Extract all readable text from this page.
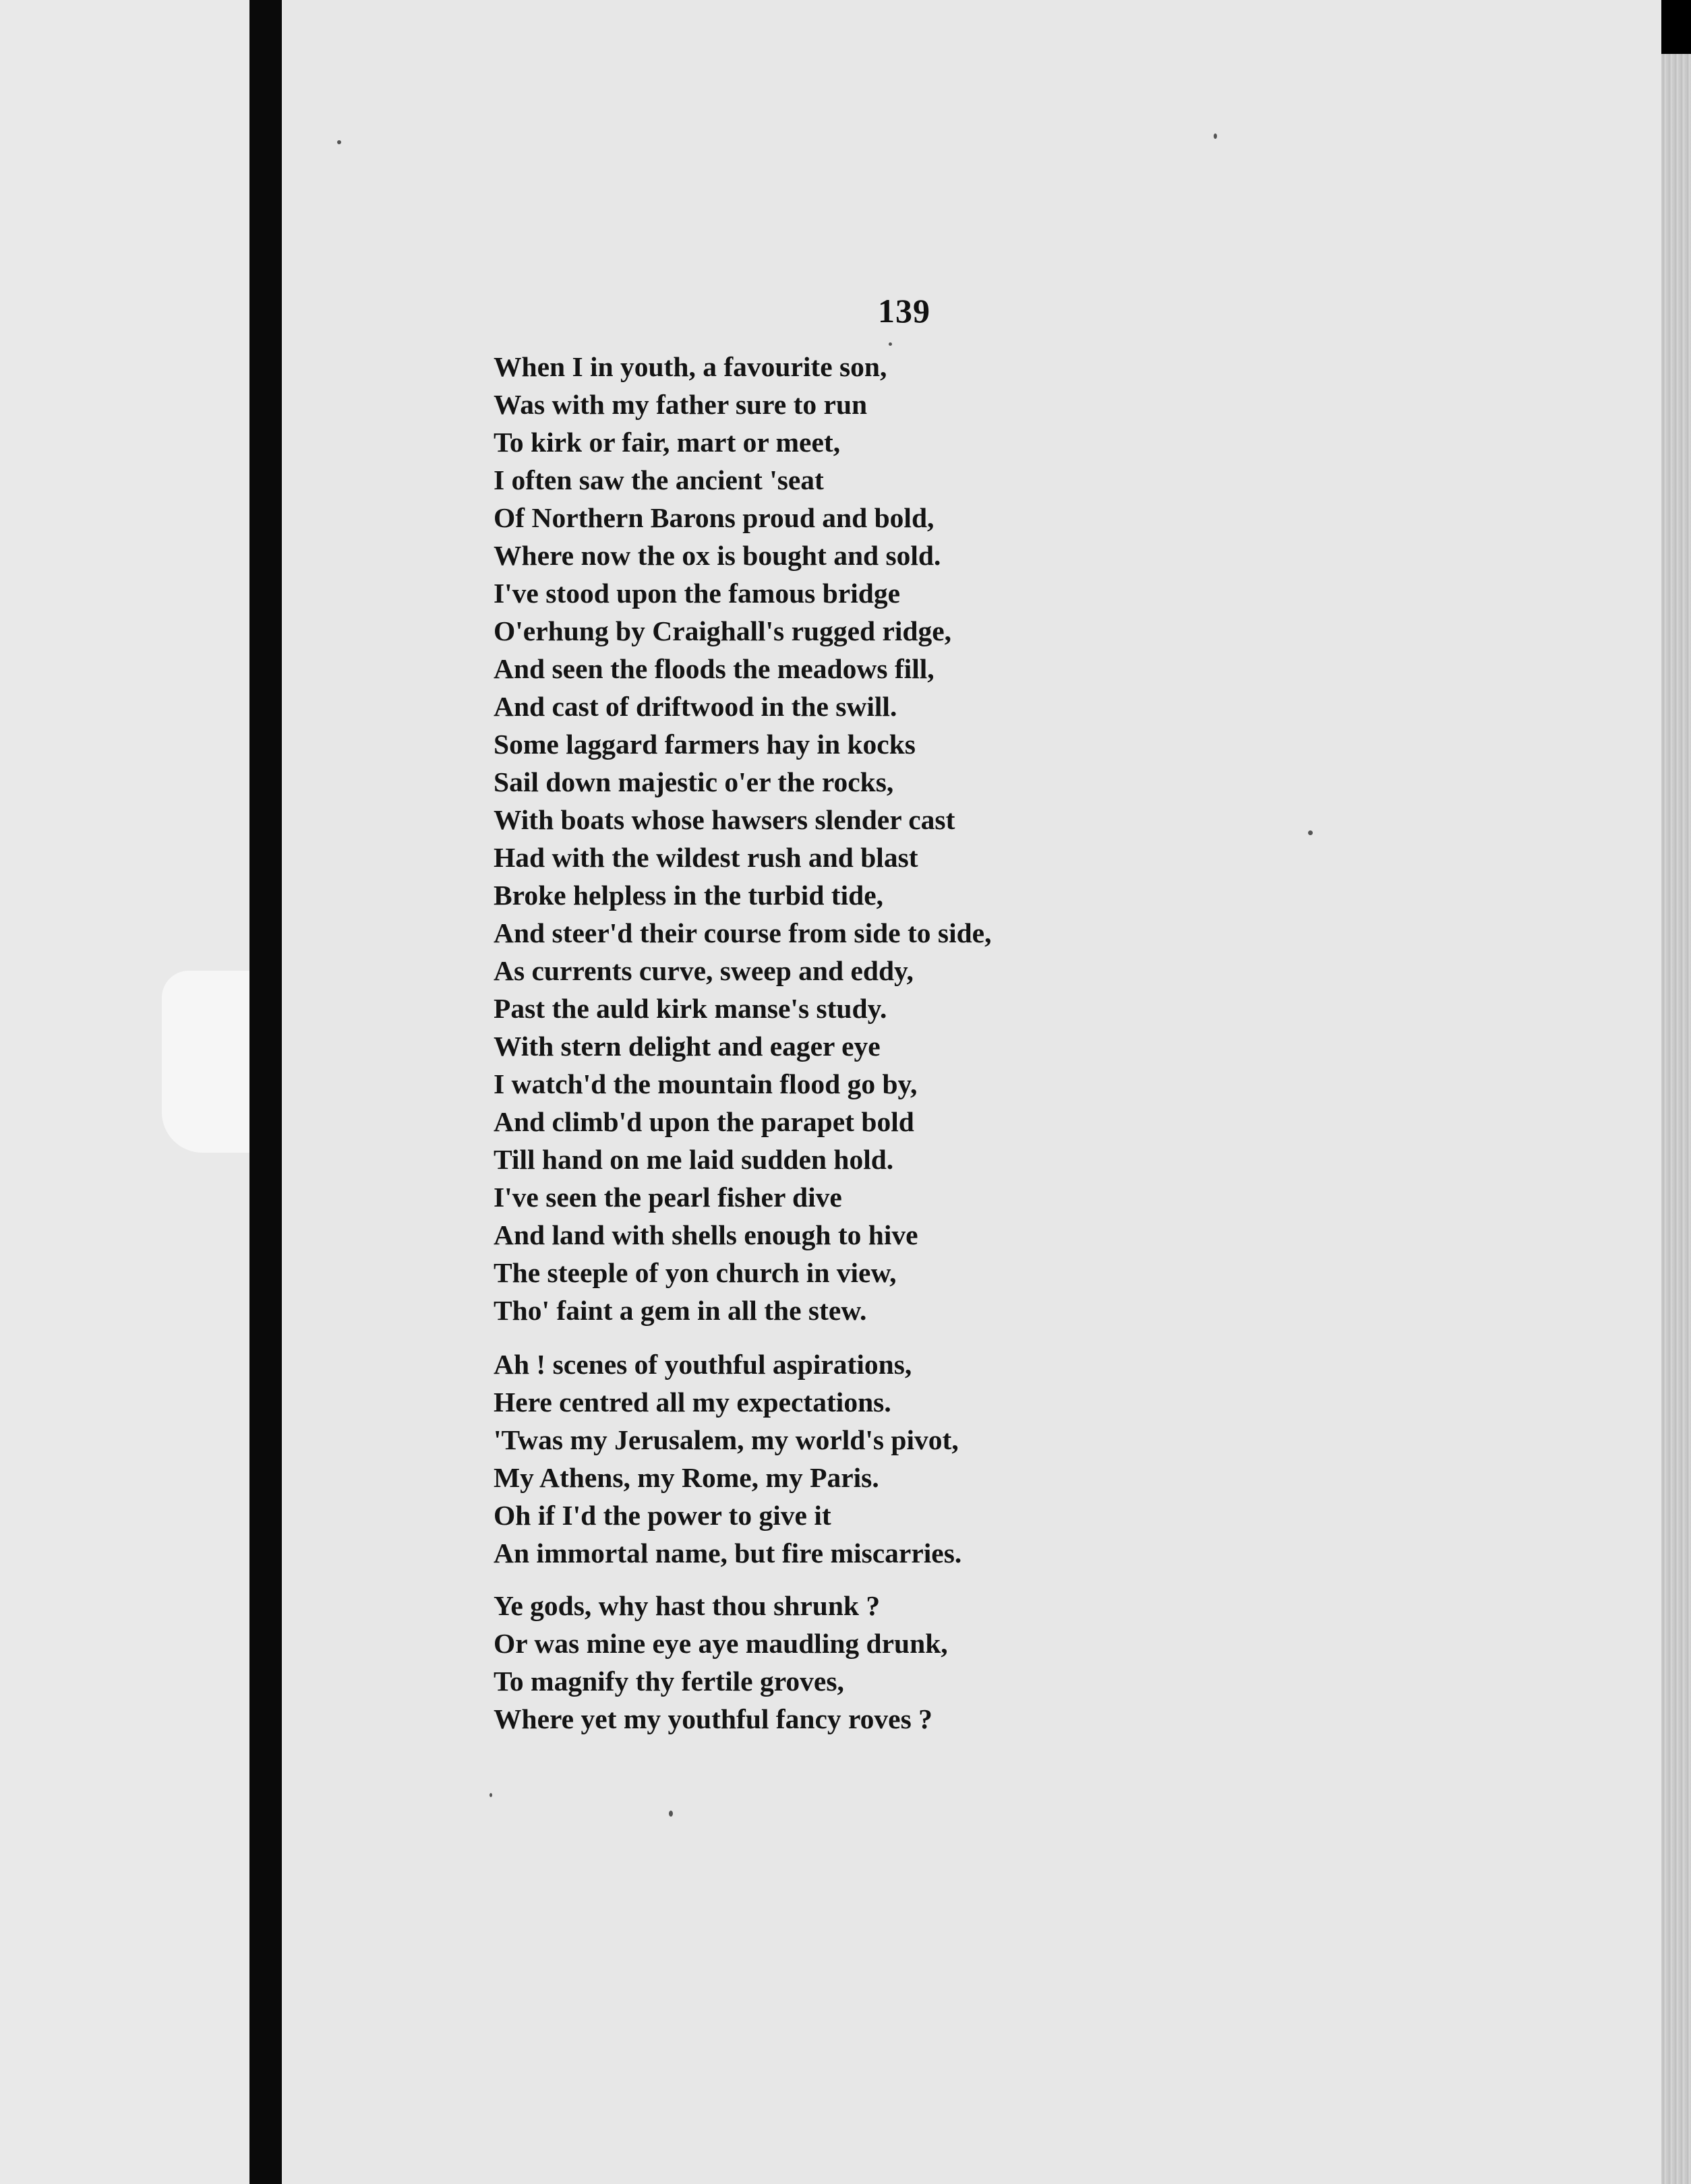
139
When I in youth, a favourite son,
Was with my father sure to run
To kirk or fair, mart or meet,
I often saw the ancient 'seat
Of Northern Barons proud and bold,
Where now the ox is bought and sold.
I've stood upon the famous bridge
O'erhung by Craighall's rugged ridge,
And seen the floods the meadows fill,
And cast of driftwood in the swill.
Some laggard farmers hay in kocks
Sail down majestic o'er the rocks,
With boats whose hawsers slender cast
Had with the wildest rush and blast
Broke helpless in the turbid tide,
And steer'd their course from side to side,
As currents curve, sweep and eddy,
Past the auld kirk manse's study.
With stern delight and eager eye
I watch'd the mountain flood go by,
And climb'd upon the parapet bold
Till hand on me laid sudden hold.
I've seen the pearl fisher dive
And land with shells enough to hive
The steeple of yon church in view,
Tho' faint a gem in all the stew.
Ah ! scenes of youthful aspirations,
Here centred all my expectations.
'Twas my Jerusalem, my world's pivot,
My Athens, my Rome, my Paris.
Oh if I'd the power to give it
An immortal name, but fire miscarries.
Ye gods, why hast thou shrunk ?
Or was mine eye aye maudling drunk,
To magnify thy fertile groves,
Where yet my youthful fancy roves ?
